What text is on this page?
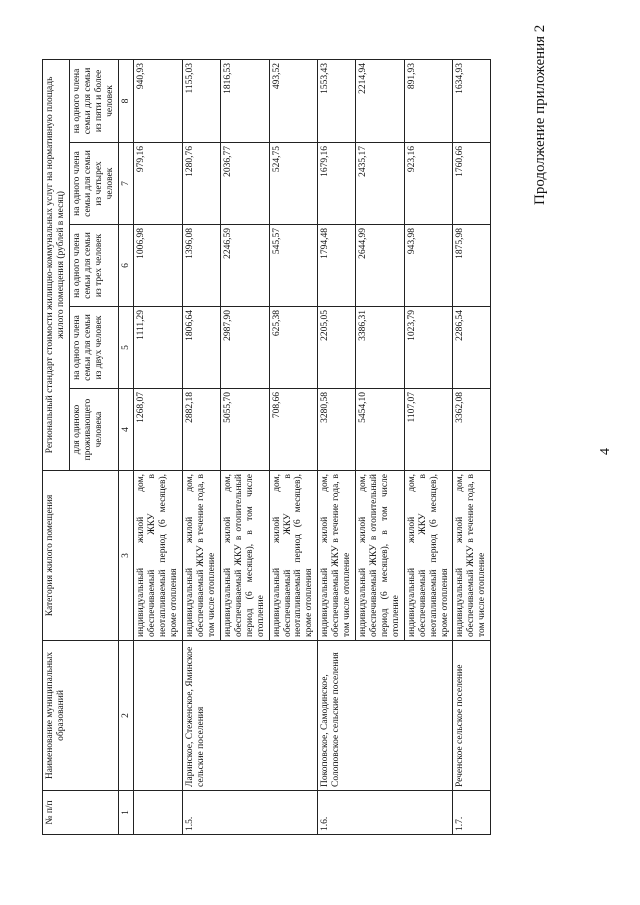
4
Продолжение приложения 2
№ п/п	Наименование муниципальных образований	Категория жилого помещения	Региональный стандарт стоимости жилищно-коммунальных услуг на нормативную площадь жилого помещения (рублей в месяц)				
			для одиноко проживающего человека	на одного члена семьи для семьи из двух человек	на одного члена семьи для семьи из трех человек	на одного члена семьи для семьи из четырех человек	на одного члена семьи для семьи из пяти и более человек
1	2	3	4	5	6	7	8
		индивидуальный жилой дом, обеспечиваемый ЖКУ в неотапливаемый период (6 месяцев), кроме отопления	1268,07	1111,29	1006,98	979,16	940,93
1.5.	Ларинское, Стеженское, Яминское сельские поселения	индивидуальный жилой дом, обеспечиваемый ЖКУ в течение года, в том числе отопление	2882,18	1806,64	1396,08	1280,76	1155,03
		индивидуальный жилой дом, обеспечиваемый ЖКУ в отопительный период (6 месяцев), в том числе отопление	5055,70	2987,90	2246,59	2036,77	1816,53
		индивидуальный жилой дом, обеспечиваемый ЖКУ в неотапливаемый период (6 месяцев), кроме отопления	708,66	625,38	545,57	524,75	493,52
1.6.	Покоповское, Самодинское, Солоповское сельские поселения	индивидуальный жилой дом, обеспечиваемый ЖКУ в течение года, в том числе отопление	3280,58	2205,05	1794,48	1679,16	1553,43
		индивидуальный жилой дом, обеспечиваемый ЖКУ в отопительный период (6 месяцев), в том числе отопление	5454,10	3386,31	2644,99	2435,17	2214,94
		индивидуальный жилой дом, обеспечиваемый ЖКУ в неотапливаемый период (6 месяцев), кроме отопления	1107,07	1023,79	943,98	923,16	891,93
1.7.	Реченское сельское поселение	индивидуальный жилой дом, обеспечиваемый ЖКУ в течение года, в том числе отопление	3362,08	2286,54	1875,98	1760,66	1634,93
